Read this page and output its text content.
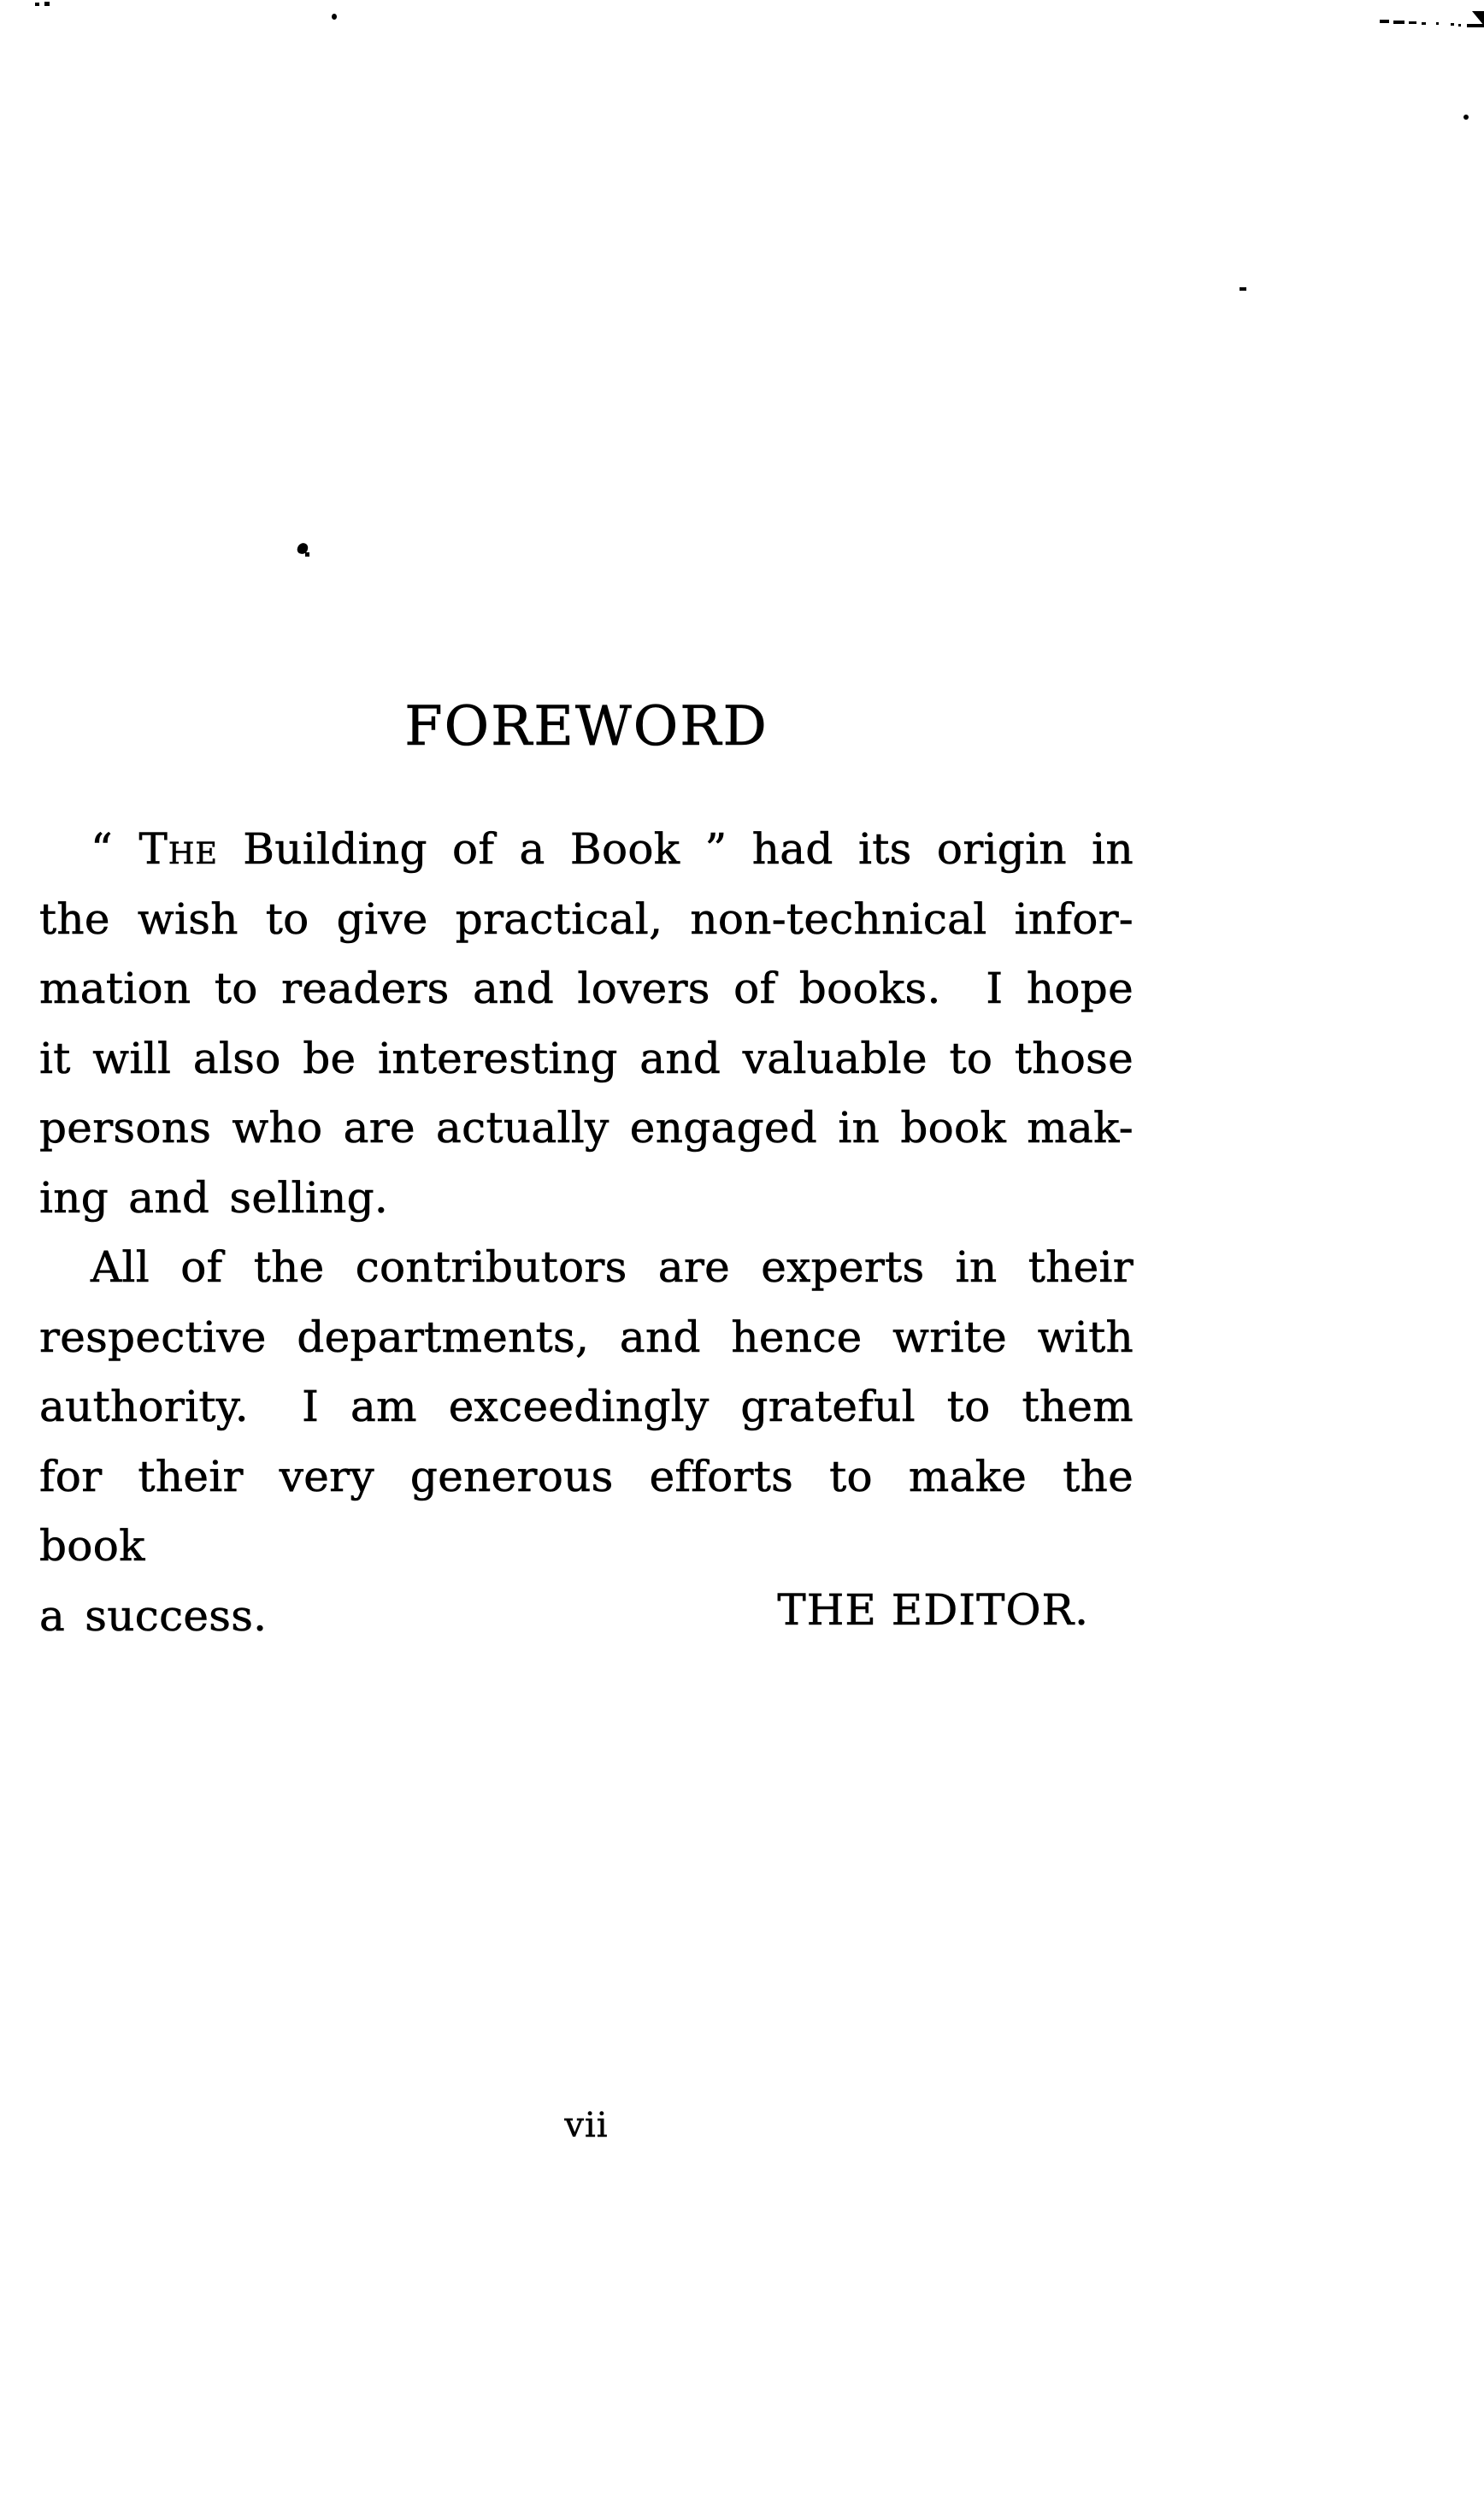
FOREWORD
“ The Building of a Book ” had its origin in
the wish to give practical, non-technical infor-
mation to readers and lovers of books.  I hope
it will also be interesting and valuable to those
persons who are actually engaged in book mak-
ing and selling.
All of the contributors are experts in their
respective departments, and hence write with
authority.  I am exceedingly grateful to them
for their very generous efforts to make the book
a success.	THE EDITOR.
vii
